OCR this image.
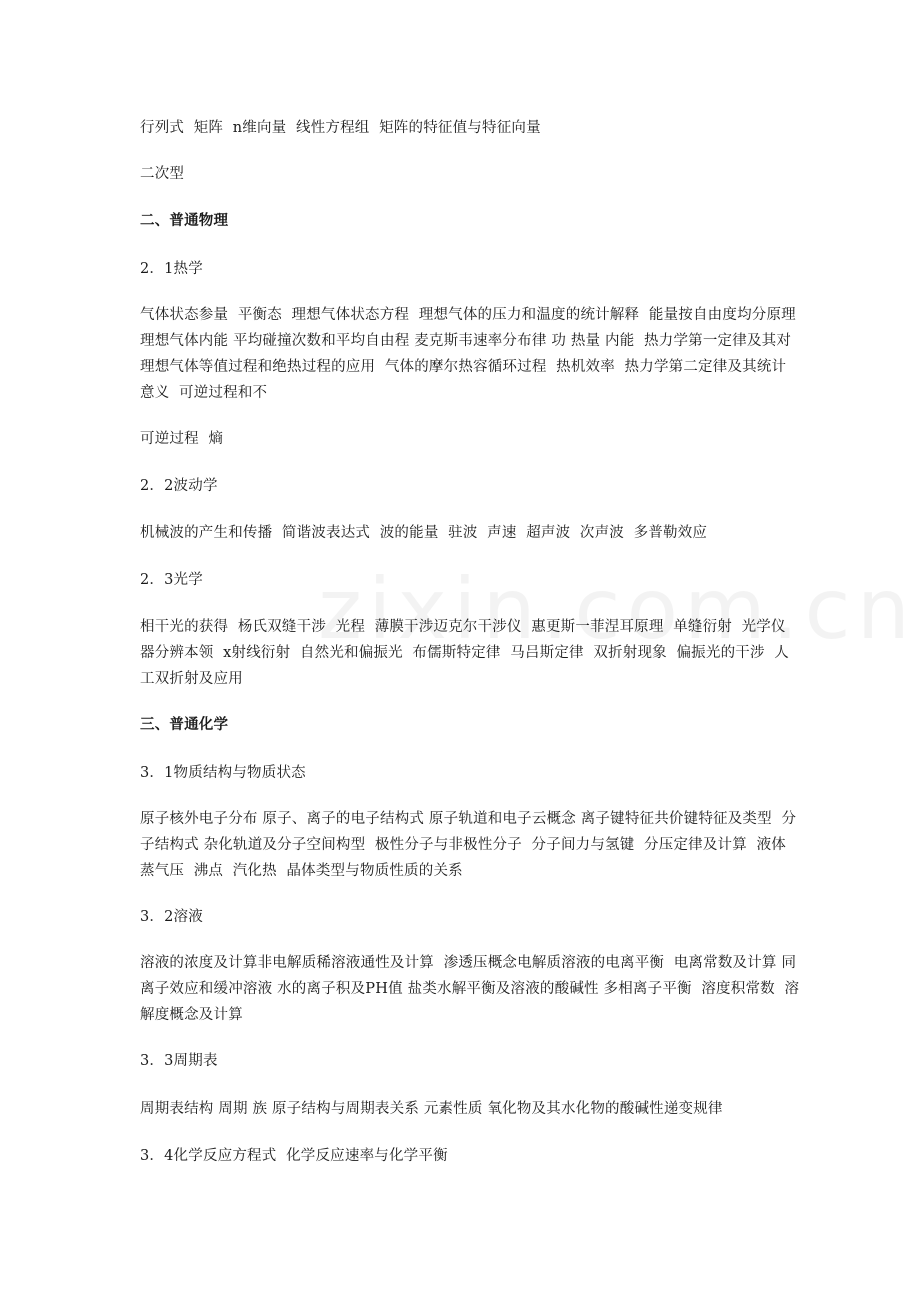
行列式  矩阵  n维向量  线性方程组  矩阵的特征值与特征向量
二次型
二、普通物理
2．1热学
气体状态参量  平衡态  理想气体状态方程  理想气体的压力和温度的统计解释  能量按自由度均分原理 理想气体内能 平均碰撞次数和平均自由程 麦克斯韦速率分布律 功 热量 内能  热力学第一定律及其对理想气体等值过程和绝热过程的应用  气体的摩尔热容循环过程  热机效率  热力学第二定律及其统计意义  可逆过程和不
可逆过程  熵
2．2波动学
机械波的产生和传播  简谐波表达式  波的能量  驻波  声速  超声波  次声波  多普勒效应
2．3光学
相干光的获得  杨氏双缝干涉  光程  薄膜干涉迈克尔干涉仪  惠更斯一菲涅耳原理  单缝衍射  光学仪器分辨本领  x射线衍射  自然光和偏振光  布儒斯特定律  马吕斯定律  双折射现象  偏振光的干涉  人工双折射及应用
三、普通化学
3．1物质结构与物质状态
原子核外电子分布 原子、离子的电子结构式 原子轨道和电子云概念 离子键特征共价键特征及类型  分子结构式 杂化轨道及分子空间构型  极性分子与非极性分子  分子间力与氢键  分压定律及计算  液体蒸气压  沸点  汽化热  晶体类型与物质性质的关系
3．2溶液
溶液的浓度及计算非电解质稀溶液通性及计算  渗透压概念电解质溶液的电离平衡  电离常数及计算 同离子效应和缓冲溶液 水的离子积及PH值 盐类水解平衡及溶液的酸碱性 多相离子平衡  溶度积常数  溶解度概念及计算
3．3周期表
周期表结构 周期 族 原子结构与周期表关系 元素性质 氧化物及其水化物的酸碱性递变规律
3．4化学反应方程式  化学反应速率与化学平衡
